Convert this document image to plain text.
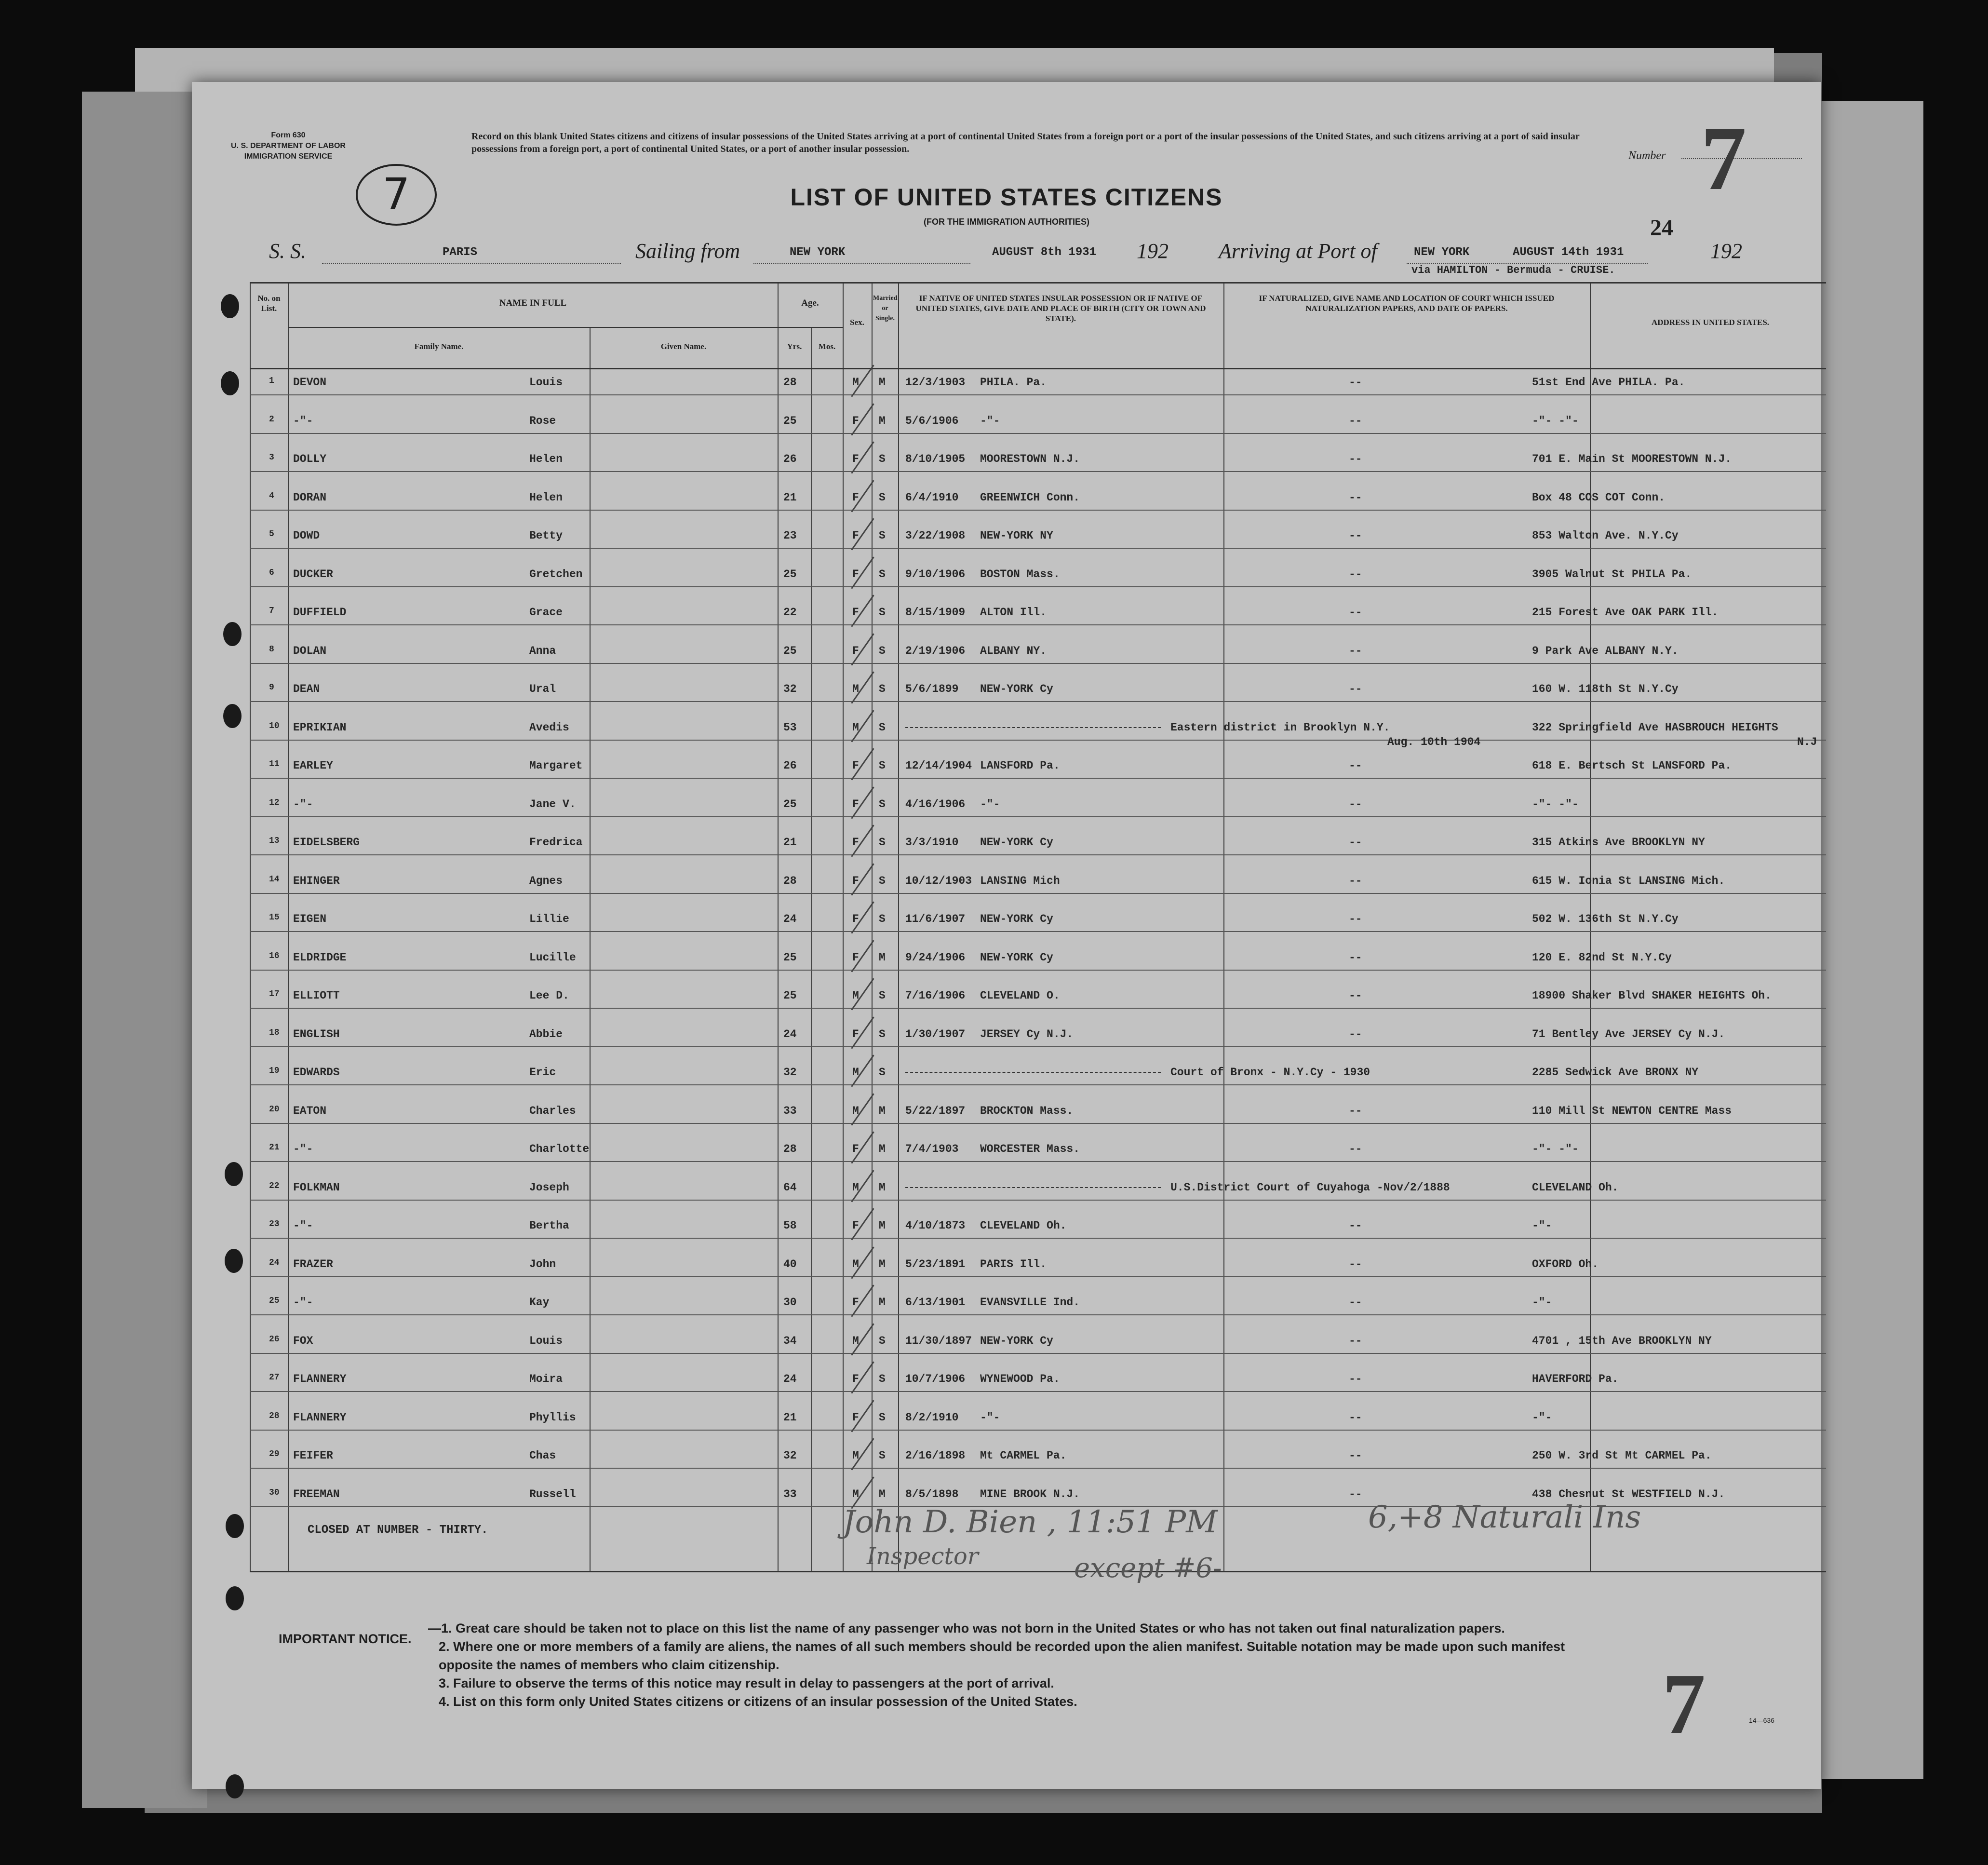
Form 630
U. S. DEPARTMENT OF LABOR
IMMIGRATION SERVICE
7
Record on this blank United States citizens and citizens of insular possessions of the United States arriving at a port of continental United States from a foreign port or a port of the insular possessions of the United States, and such citizens arriving at a port of said insular possessions from a foreign port, a port of continental United States, or a port of another insular possession.
Number 7
LIST OF UNITED STATES CITIZENS
(FOR THE IMMIGRATION AUTHORITIES)	24
S. S.	PARIS	Sailing from	NEW YORK	AUGUST 8th 1931 192 Arriving at Port of	NEW YORK	AUGUST 14th 1931	192
via HAMILTON - Bermuda - CRUISE.
No. on List.
NAME IN FULL
Family Name.	Given Name.
Age.
Yrs.	Mos.
Sex.
Married or Single.
IF NATIVE OF UNITED STATES INSULAR POSSESSION OR IF NATIVE OF UNITED STATES, GIVE DATE AND PLACE OF BIRTH (CITY OR TOWN AND STATE).
IF NATURALIZED, GIVE NAME AND LOCATION OF COURT WHICH ISSUED NATURALIZATION PAPERS, AND DATE OF PAPERS.
ADDRESS IN UNITED STATES.
1 DEVON	Louis	28	M M 12/3/1903 PHILA. Pa.	--	51st End Ave PHILA. Pa.
2 -"-	Rose	25	F M 5/6/1906 -"-	--	-"- -"-
3 DOLLY	Helen	26	F S 8/10/1905 MOORESTOWN N.J.	--	701 E. Main St MOORESTOWN N.J.
4 DORAN	Helen	21	F S 6/4/1910 GREENWICH Conn.	--	Box 48 COS COT Conn.
5 DOWD	Betty	23	F S 3/22/1908 NEW-YORK NY	--	853 Walton Ave. N.Y.Cy
6 DUCKER	Gretchen	25	F S 9/10/1906 BOSTON Mass.	--	3905 Walnut St PHILA Pa.
7 DUFFIELD	Grace	22	F S 8/15/1909 ALTON Ill.	--	215 Forest Ave OAK PARK Ill.
8 DOLAN	Anna	25	F S 2/19/1906 ALBANY NY.	--	9 Park Ave ALBANY N.Y.
9 DEAN	Ural	32	M S 5/6/1899 NEW-YORK Cy	--	160 W. 118th St N.Y.Cy
10 EPRIKIAN	Avedis	53	M S	Eastern district in Brooklyn N.Y.	322 Springfield Ave HASBROUCH HEIGHTS
Aug. 10th 1904	N.J
11 EARLEY	Margaret	26	F S 12/14/1904 LANSFORD Pa.	--	618 E. Bertsch St LANSFORD Pa.
12 -"-	Jane V.	25	F S 4/16/1906 -"-	--	-"- -"-
13 EIDELSBERG	Fredrica	21	F S 3/3/1910 NEW-YORK Cy	--	315 Atkins Ave BROOKLYN NY
14 EHINGER	Agnes	28	F S 10/12/1903 LANSING Mich	--	615 W. Ionia St LANSING Mich.
15 EIGEN	Lillie	24	F S 11/6/1907 NEW-YORK Cy	--	502 W. 136th St N.Y.Cy
16 ELDRIDGE	Lucille	25	F M 9/24/1906 NEW-YORK Cy	--	120 E. 82nd St N.Y.Cy
17 ELLIOTT	Lee D.	25	M S 7/16/1906 CLEVELAND O.	--	18900 Shaker Blvd SHAKER HEIGHTS Oh.
18 ENGLISH	Abbie	24	F S 1/30/1907 JERSEY Cy N.J.	--	71 Bentley Ave JERSEY Cy N.J.
19 EDWARDS	Eric	32	M S	Court of Bronx - N.Y.Cy - 1930	2285 Sedwick Ave BRONX NY
20 EATON	Charles	33	M M 5/22/1897 BROCKTON Mass.	--	110 Mill St NEWTON CENTRE Mass
21 -"-	Charlotte	28	F M 7/4/1903 WORCESTER Mass.	--	-"- -"-
22 FOLKMAN	Joseph	64	M M	U.S.District Court of Cuyahoga -Nov/2/1888	CLEVELAND Oh.
23 -"-	Bertha	58	F M 4/10/1873 CLEVELAND Oh.	--	-"-
24 FRAZER	John	40	M M 5/23/1891 PARIS Ill.	--	OXFORD Oh.
25 -"-	Kay	30	F M 6/13/1901 EVANSVILLE Ind.	--	-"-
26 FOX	Louis	34	M S 11/30/1897 NEW-YORK Cy	--	4701 , 15th Ave BROOKLYN NY
27 FLANNERY	Moira	24	F S 10/7/1906 WYNEWOOD Pa.	--	HAVERFORD Pa.
28 FLANNERY	Phyllis	21	F S 8/2/1910 -"-	--	-"-
29 FEIFER	Chas	32	M S 2/16/1898 Mt CARMEL Pa.	--	250 W. 3rd St Mt CARMEL Pa.
30 FREEMAN	Russell	33	M M 8/5/1898 MINE BROOK N.J.	--	438 Chesnut St WESTFIELD N.J.
CLOSED AT NUMBER - THIRTY.	John D. Bien , 11:51 PM
Inspector	except #6-
6,+8 Naturali Ins
IMPORTANT NOTICE.
—1. Great care should be taken not to place on this list the name of any passenger who was not born in the United States or who has not taken out final naturalization papers.
2. Where one or more members of a family are aliens, the names of all such members should be recorded upon the alien manifest. Suitable notation may be made upon such manifest opposite the names of members who claim citizenship.
3. Failure to observe the terms of this notice may result in delay to passengers at the port of arrival.
4. List on this form only United States citizens or citizens of an insular possession of the United States.	7	14—636
